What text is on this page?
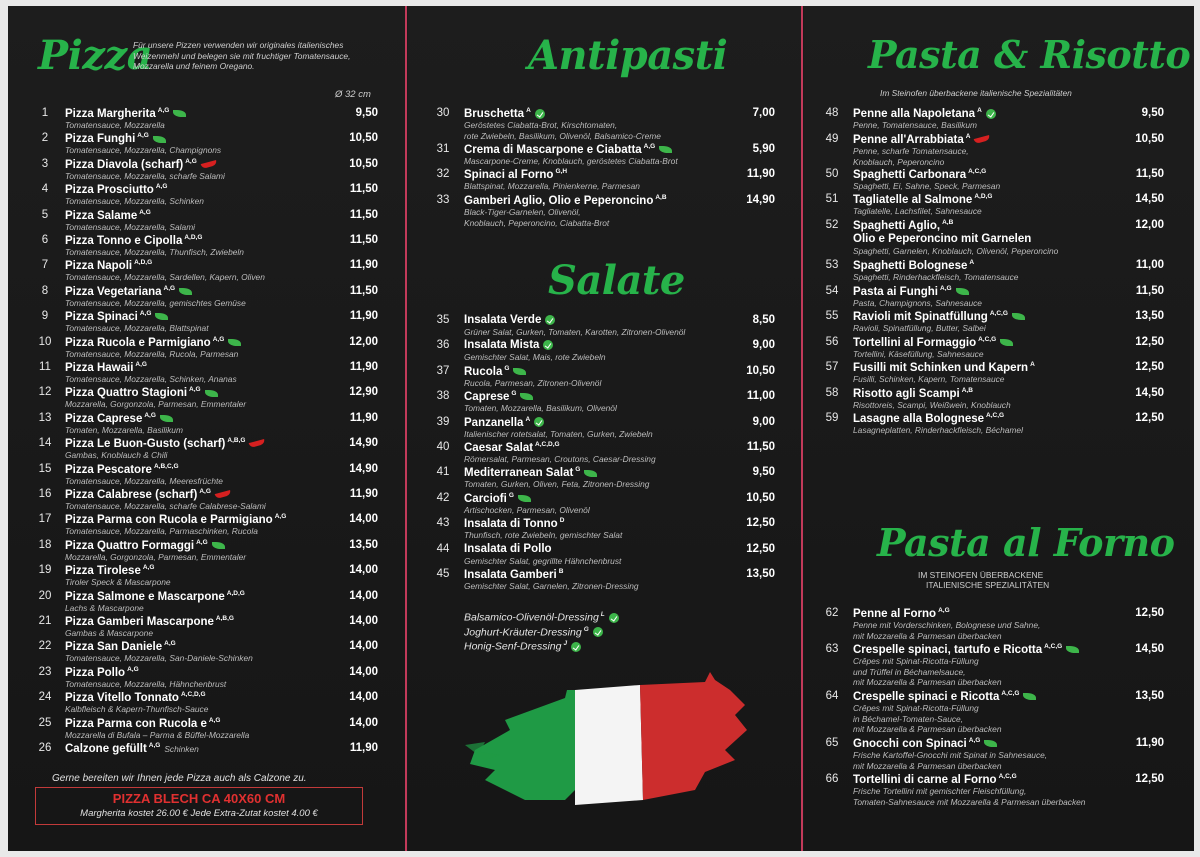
Pizza
Für unsere Pizzen verwenden wir originales italienisches Weizenmehl und belegen sie mit fruchtiger Tomatensauce, Mozzarella und feinem Oregano.
Ø 32 cm
1	Pizza Margherita $^{A,G}$	9,50
Tomatensauce, Mozzarella
2	Pizza Funghi $^{A,G}$	10,50
Tomatensauce, Mozzarella, Champignons
3	Pizza Diavola (scharf) $^{A,G}$	10,50
Tomatensauce, Mozzarella, scharfe Salami
4	Pizza Prosciutto $^{A,G}$	11,50
Tomatensauce, Mozzarella, Schinken
5	Pizza Salame $^{A,G}$	11,50
Tomatensauce, Mozzarella, Salami
6	Pizza Tonno e Cipolla $^{A,D,G}$	11,50
Tomatensauce, Mozzarella, Thunfisch, Zwiebeln
7	Pizza Napoli $^{A,D,G}$	11,90
Tomatensauce, Mozzarella, Sardellen, Kapern, Oliven
8	Pizza Vegetariana $^{A,G}$	11,50
Tomatensauce, Mozzarella, gemischtes Gemüse
9	Pizza Spinaci $^{A,G}$	11,90
Tomatensauce, Mozzarella, Blattspinat
10	Pizza Rucola e Parmigiano $^{A,G}$	12,00
Tomatensauce, Mozzarella, Rucola, Parmesan
11	Pizza Hawaii $^{A,G}$	11,90
Tomatensauce, Mozzarella, Schinken, Ananas
12	Pizza Quattro Stagioni $^{A,G}$	12,90
Mozzarella, Gorgonzola, Parmesan, Emmentaler
13	Pizza Caprese $^{A,G}$	11,90
Tomaten, Mozzarella, Basilikum
14	Pizza Le Buon-Gusto (scharf) $^{A,B,G}$	14,90
Gambas, Knoblauch & Chili
15	Pizza Pescatore $^{A,B,C,G}$	14,90
Tomatensauce, Mozzarella, Meeresfrüchte
16	Pizza Calabrese (scharf) $^{A,G}$	11,90
Tomatensauce, Mozzarella, scharfe Calabrese-Salami
17	Pizza Parma con Rucola e Parmigiano $^{A,G}$	14,00
Tomatensauce, Mozzarella, Parmaschinken, Rucola
18	Pizza Quattro Formaggi $^{A,G}$	13,50
Mozzarella, Gorgonzola, Parmesan, Emmentaler
19	Pizza Tirolese $^{A,G}$	14,00
Tiroler Speck & Mascarpone
20	Pizza Salmone e Mascarpone $^{A,D,G}$	14,00
Lachs & Mascarpone
21	Pizza Gamberi Mascarpone $^{A,B,G}$	14,00
Gambas & Mascarpone
22	Pizza San Daniele $^{A,G}$	14,00
Tomatensauce, Mozzarella, San-Daniele-Schinken
23	Pizza Pollo $^{A,G}$	14,00
Tomatensauce, Mozzarella, Hähnchenbrust
24	Pizza Vitello Tonnato $^{A,C,D,G}$	14,00
Kalbfleisch & Kapern-Thunfisch-Sauce
25	Pizza Parma con Rucola e $^{A,G}$	14,00
Mozzarella di Bufala – Parma & Büffel-Mozzarella
26	Calzone gefüllt $^{A,G}$ Schinken	11,90
Gerne bereiten wir Ihnen jede Pizza auch als Calzone zu.
PIZZA BLECH CA 40X60 CM
Margherita kostet 26.00 € Jede Extra-Zutat kostet 4.00 €
Antipasti
30	Bruschetta $^A$	7,00
Geröstetes Ciabatta-Brot, Kirschtomaten,
rote Zwiebeln, Basilikum, Olivenöl, Balsamico-Creme
31	Crema di Mascarpone e Ciabatta $^{A,G}$	5,90
Mascarpone-Creme, Knoblauch, geröstetes Ciabatta-Brot
32	Spinaci al Forno $^{G,H}$	11,90
Blattspinat, Mozzarella, Pinienkerne, Parmesan
33	Gamberi Aglio, Olio e Peperoncino $^{A,B}$	14,90
Black-Tiger-Garnelen, Olivenöl,
Knoblauch, Peperoncino, Ciabatta-Brot
Salate
35	Insalata Verde	8,50
Grüner Salat, Gurken, Tomaten, Karotten, Zitronen-Olivenöl
36	Insalata Mista	9,00
Gemischter Salat, Mais, rote Zwiebeln
37	Rucola $^G$	10,50
Rucola, Parmesan, Zitronen-Olivenöl
38	Caprese $^G$	11,00
Tomaten, Mozzarella, Basilikum, Olivenöl
39	Panzanella $^A$	9,00
Italienischer rotetsalat, Tomaten, Gurken, Zwiebeln
40	Caesar Salat $^{A,C,D,G}$	11,50
Römersalat, Parmesan, Croutons, Caesar-Dressing
41	Mediterranean Salat $^G$	9,50
Tomaten, Gurken, Oliven, Feta, Zitronen-Dressing
42	Carciofi $^G$	10,50
Artischocken, Parmesan, Olivenöl
43	Insalata di Tonno $^D$	12,50
Thunfisch, rote Zwiebeln, gemischter Salat
44	Insalata di Pollo	12,50
Gemischter Salat, gegrillte Hähnchenbrust
45	Insalata Gamberi $^B$	13,50
Gemischter Salat, Garnelen, Zitronen-Dressing
Balsamico-Olivenöl-Dressing $^L$
Joghurt-Kräuter-Dressing $^G$
Honig-Senf-Dressing $^J$
Pasta & Risotto
Im Steinofen überbackene italienische Spezialitäten
48	Penne alla Napoletana $^A$	9,50
Penne, Tomatensauce, Basilikum
49	Penne all'Arrabbiata $^A$	10,50
Penne, scharfe Tomatensauce,
Knoblauch, Peperoncino
50	Spaghetti Carbonara $^{A,C,G}$	11,50
Spaghetti, Ei, Sahne, Speck, Parmesan
51	Tagliatelle al Salmone $^{A,D,G}$	14,50
Tagliatelle, Lachsfilet, Sahnesauce
52	Spaghetti Aglio, $^{A,B}$	12,00
Olio e Peperoncino mit Garnelen
Spaghetti, Garnelen, Knoblauch, Olivenöl, Peperoncino
53	Spaghetti Bolognese $^A$	11,00
Spaghetti, Rinderhackfleisch, Tomatensauce
54	Pasta ai Funghi $^{A,G}$	11,50
Pasta, Champignons, Sahnesauce
55	Ravioli mit Spinatfüllung $^{A,C,G}$	13,50
Ravioli, Spinatfüllung, Butter, Salbei
56	Tortellini al Formaggio $^{A,C,G}$	12,50
Tortellini, Käsefüllung, Sahnesauce
57	Fusilli mit Schinken und Kapern $^A$	12,50
Fusilli, Schinken, Kapern, Tomatensauce
58	Risotto agli Scampi $^{A,B}$	14,50
Risottoreis, Scampi, Weißwein, Knoblauch
59	Lasagne alla Bolognese $^{A,C,G}$	12,50
Lasagneplatten, Rinderhackfleisch, Béchamel
Pasta al Forno
IM STEINOFEN ÜBERBACKENE
ITALIENISCHE SPEZIALITÄTEN
62	Penne al Forno $^{A,G}$	12,50
Penne mit Vorderschinken, Bolognese und Sahne,
mit Mozzarella & Parmesan überbacken
63	Crespelle spinaci, tartufo e Ricotta $^{A,C,G}$	14,50
Crêpes mit Spinat-Ricotta-Füllung
und Trüffel in Béchamelsauce,
mit Mozzarella & Parmesan überbacken
64	Crespelle spinaci e Ricotta $^{A,C,G}$	13,50
Crêpes mit Spinat-Ricotta-Füllung
in Béchamel-Tomaten-Sauce,
mit Mozzarella & Parmesan überbacken
65	Gnocchi con Spinaci $^{A,G}$	11,90
Frische Kartoffel-Gnocchi mit Spinat in Sahnesauce,
mit Mozzarella & Parmesan überbacken
66	Tortellini di carne al Forno $^{A,C,G}$	12,50
Frische Tortellini mit gemischter Fleischfüllung,
Tomaten-Sahnesauce mit Mozzarella & Parmesan überbacken
